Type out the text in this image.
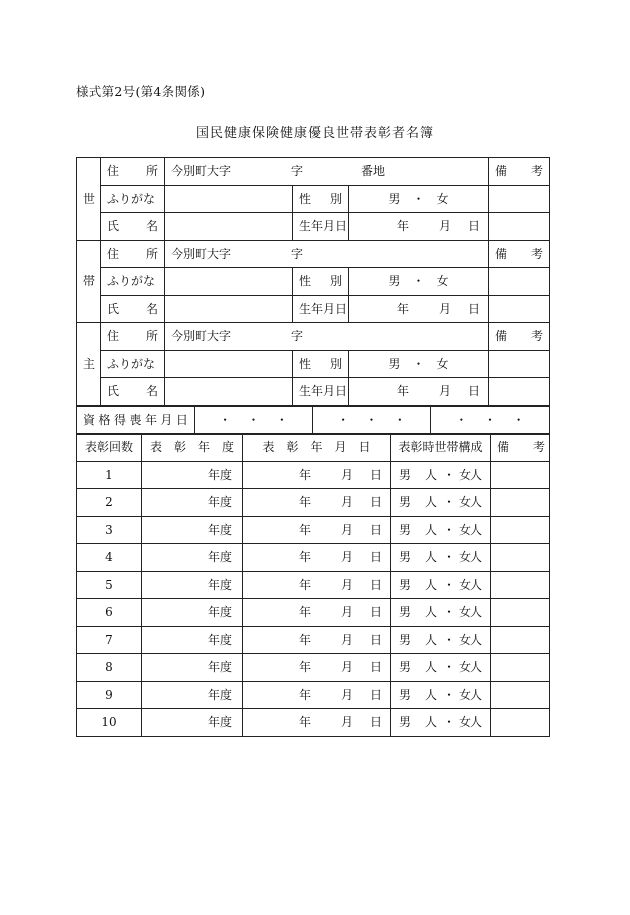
様式第2号(第4条関係)
国民健康保険健康優良世帯表彰者名簿
世	住 所	今別町大字 字 番地			備 考

	ふりがな		性 別	男 ・ 女	

	氏 名		生年月日	年 月 日	

帯	住 所	今別町大字 字			備 考

	ふりがな		性 別	男 ・ 女	

	氏 名		生年月日	年 月 日	

主	住 所	今別町大字 字			備 考

	ふりがな		性 別	男 ・ 女	

	氏 名		生年月日	年 月 日	

資 格 得 喪 年 月 日	・ ・ ・	・ ・ ・	・ ・ ・
表彰回数	表　彰　年　度	表　彰　年　月　日	表彰時世帯構成	備　　考
1	年度	年 月 日	男 人 ・ 女
人	

2	年度	年 月 日	男 人 ・ 女
人	

3	年度	年 月 日	男 人 ・ 女
人	

4	年度	年 月 日	男 人 ・ 女
人	

5	年度	年 月 日	男 人 ・ 女
人	

6	年度	年 月 日	男 人 ・ 女
人	

7	年度	年 月 日	男 人 ・ 女
人	

8	年度	年 月 日	男 人 ・ 女
人	

9	年度	年 月 日	男 人 ・ 女
人	

10	年度	年 月 日	男 人 ・ 女
人	
